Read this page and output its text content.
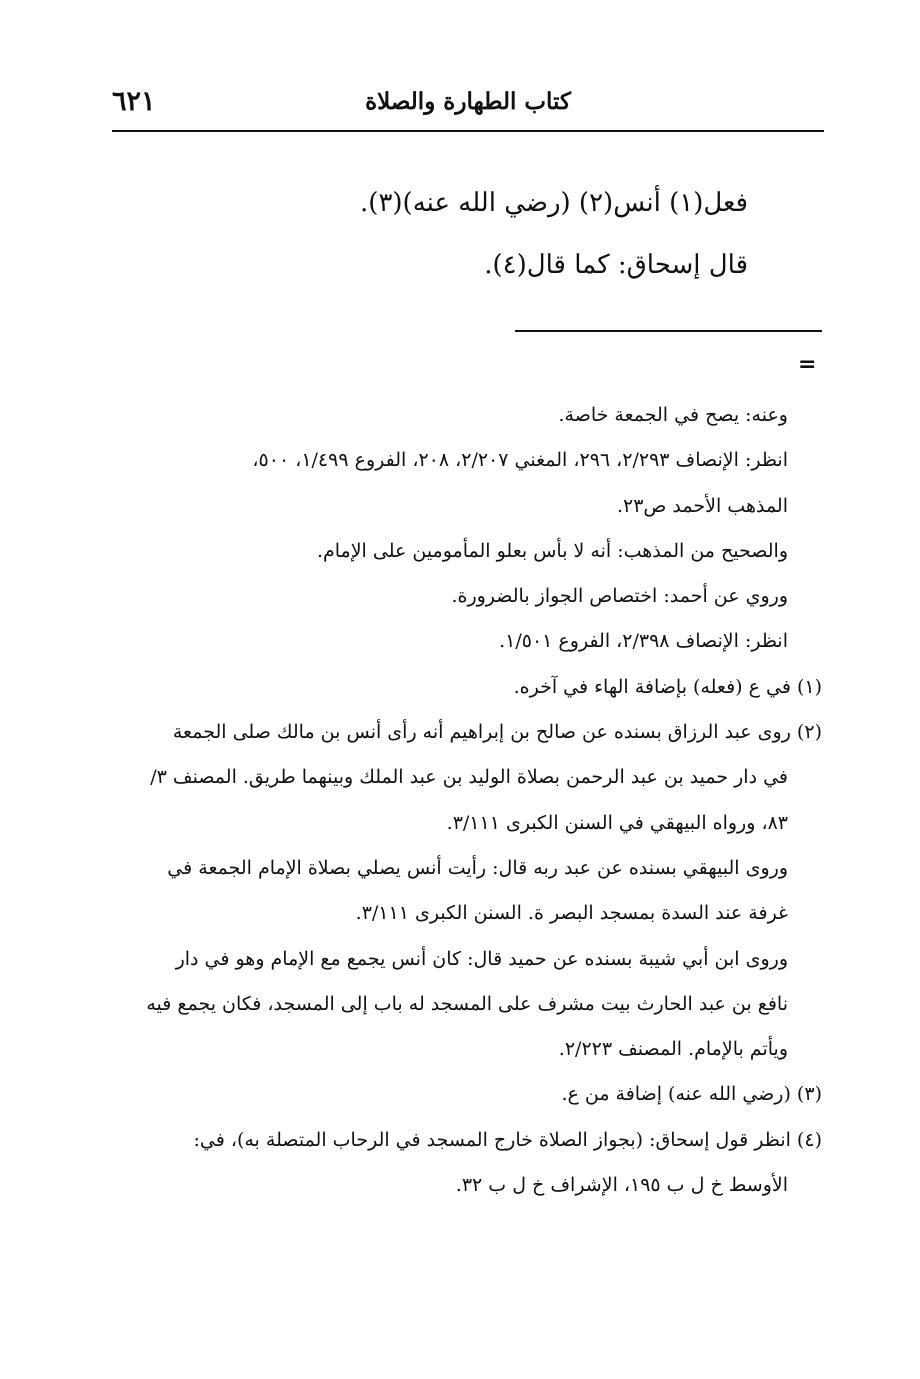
٦٢١	كتاب الطهارة والصلاة

فعل(١) أنس(٢) (رضي الله عنه)(٣).

قال إسحاق: كما قال(٤).

=

وعنه: يصح في الجمعة خاصة.

انظر: الإنصاف ٢/٢٩٣، ٢٩٦، المغني ٢/٢٠٧، ٢٠٨، الفروع ١/٤٩٩، ٥٠٠،

المذهب الأحمد ص٢٣.

والصحيح من المذهب: أنه لا بأس بعلو المأمومين على الإمام.

وروي عن أحمد: اختصاص الجواز بالضرورة.

انظر: الإنصاف ٢/٣٩٨، الفروع ١/٥٠١.

(١) في ع (فعله) بإضافة الهاء في آخره.

(٢) روى عبد الرزاق بسنده عن صالح بن إبراهيم أنه رأى أنس بن مالك صلى الجمعة

في دار حميد بن عبد الرحمن بصلاة الوليد بن عبد الملك وبينهما طريق. المصنف ٣/

٨٣، ورواه البيهقي في السنن الكبرى ٣/١١١.

وروى البيهقي بسنده عن عبد ربه قال: رأيت أنس يصلي بصلاة الإمام الجمعة في

غرفة عند السدة بمسجد البصر ة. السنن الكبرى ٣/١١١.

وروى ابن أبي شيبة بسنده عن حميد قال: كان أنس يجمع مع الإمام وهو في دار

نافع بن عبد الحارث بيت مشرف على المسجد له باب إلى المسجد، فكان يجمع فيه

ويأتم بالإمام. المصنف ٢/٢٢٣.

(٣) (رضي الله عنه) إضافة من ع.

(٤) انظر قول إسحاق: (بجواز الصلاة خارج المسجد في الرحاب المتصلة به)، في:

الأوسط خ ل ب ١٩٥، الإشراف خ ل ب ٣٢.
